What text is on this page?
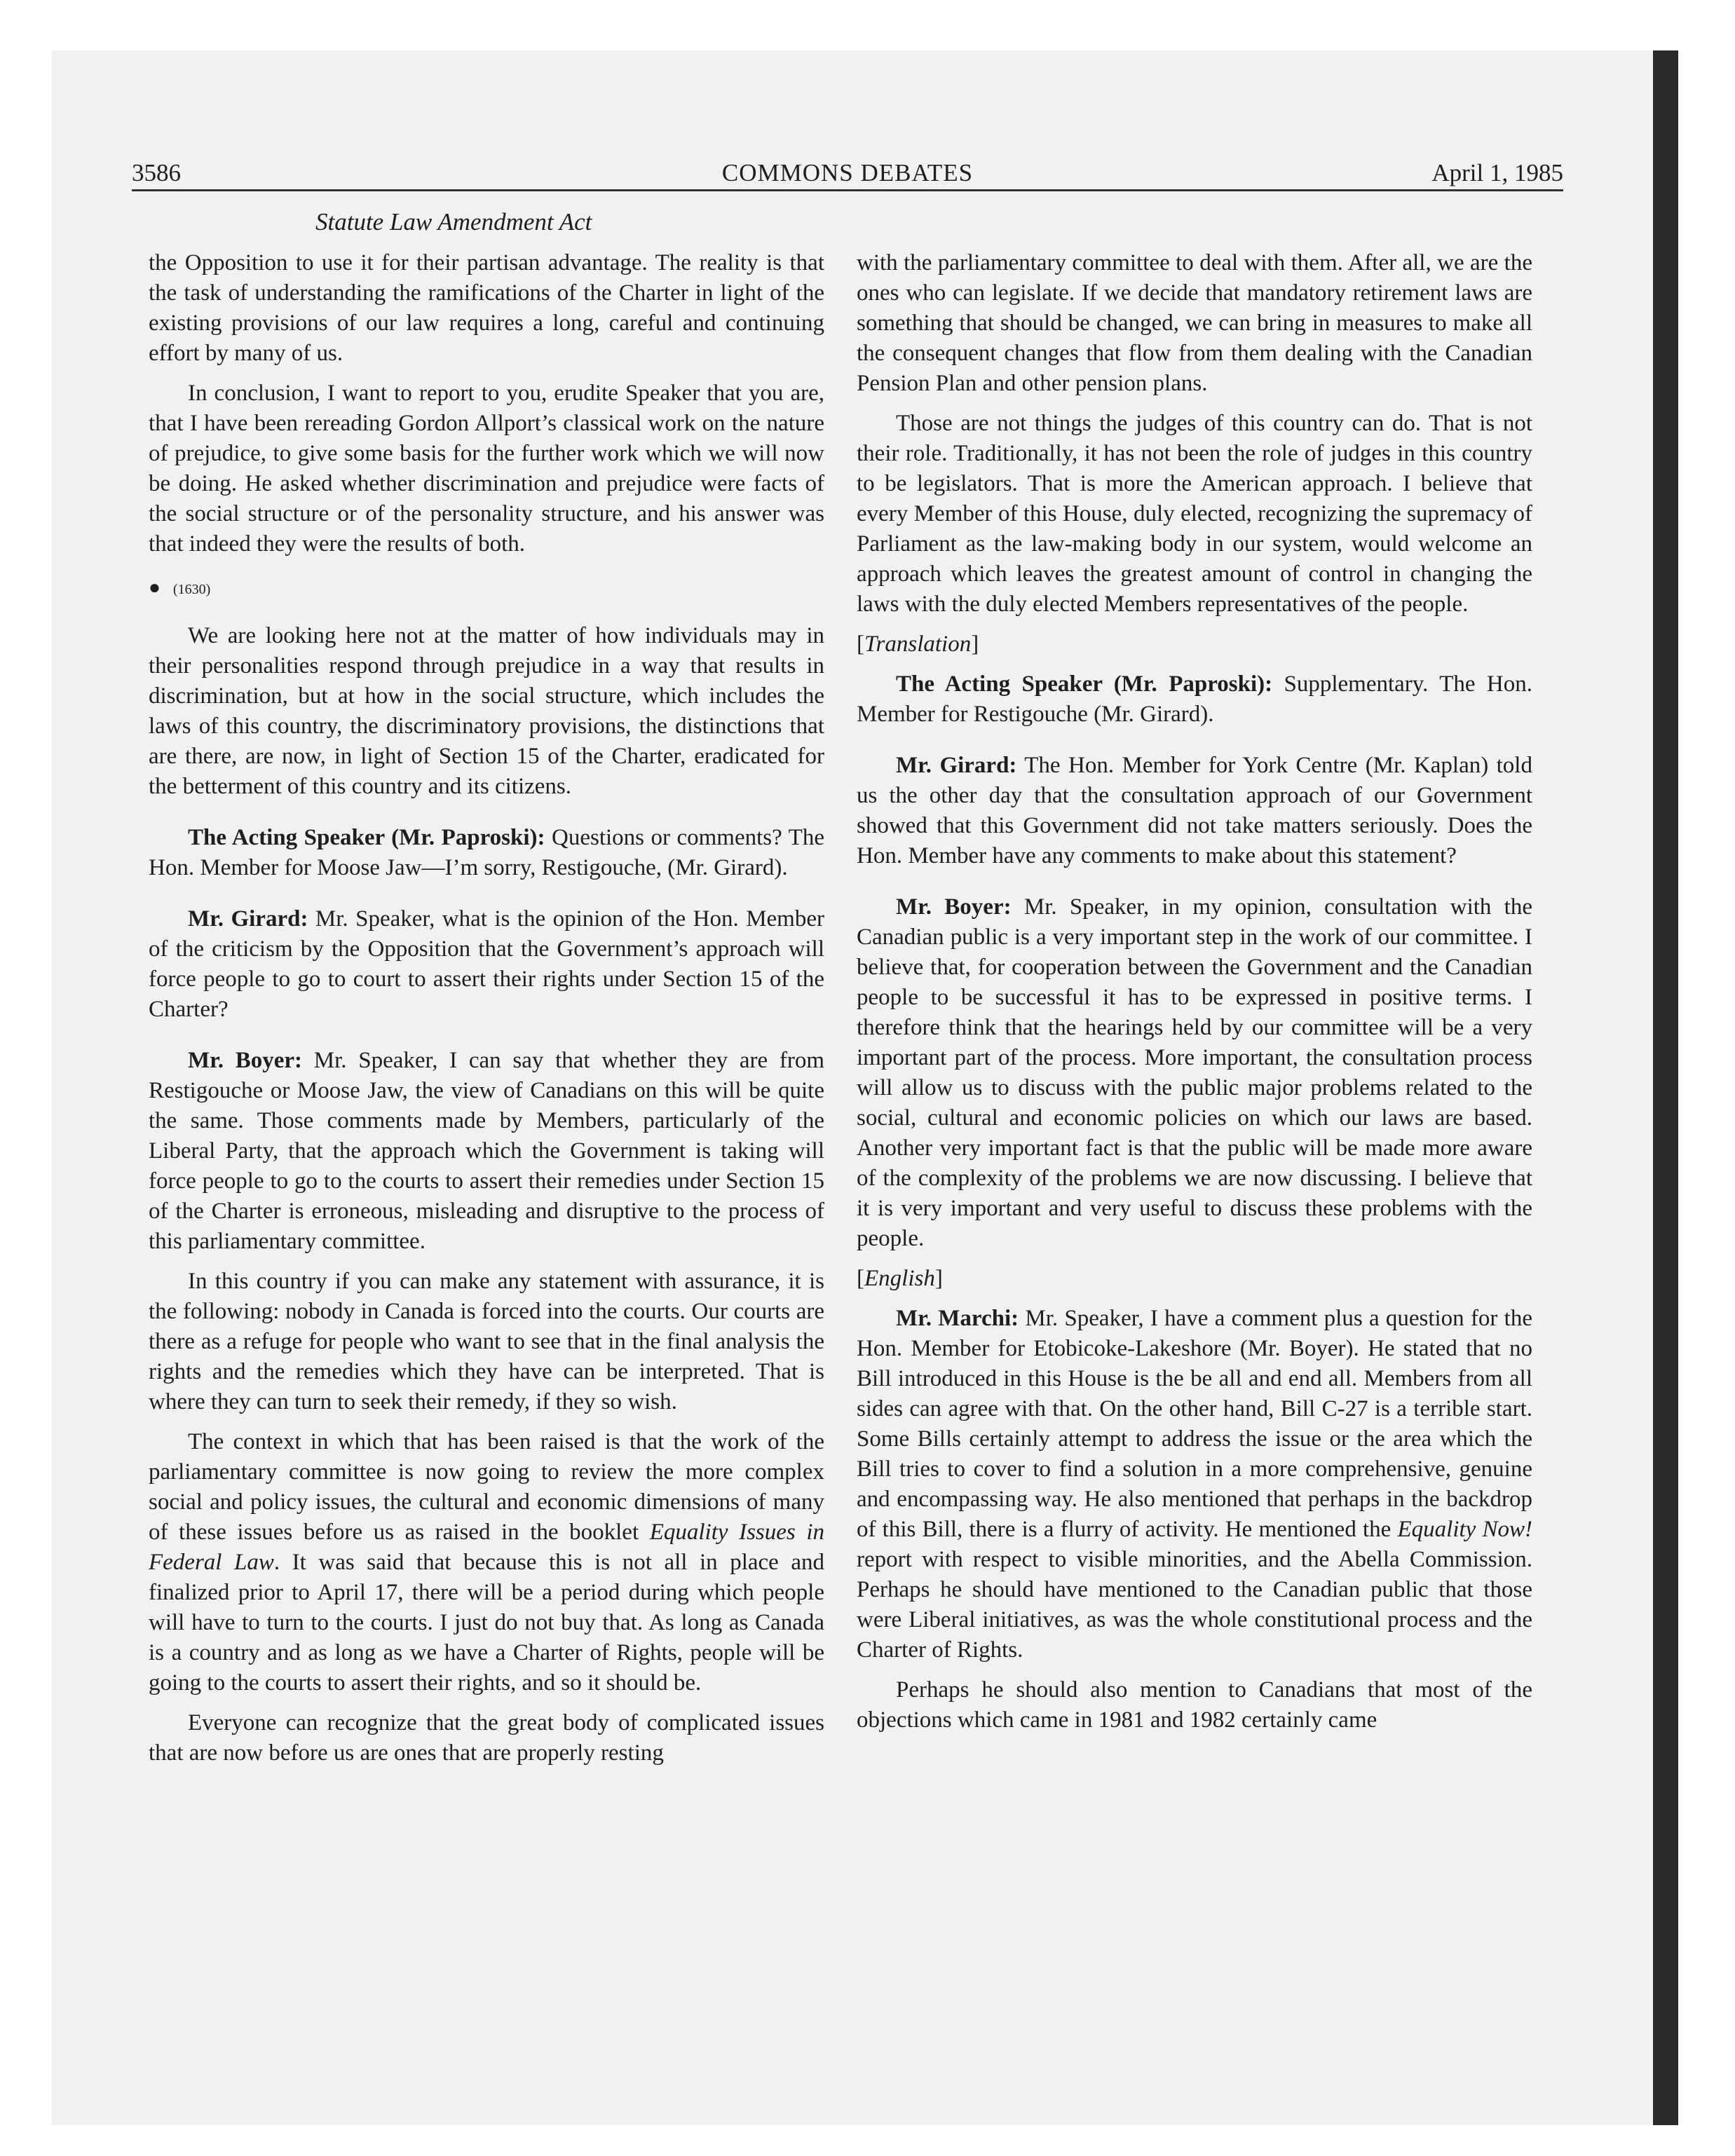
3586	COMMONS DEBATES	April 1, 1985
Statute Law Amendment Act

the Opposition to use it for their partisan advantage. The reality is that the task of understanding the ramifications of the Charter in light of the existing provisions of our law requires a long, careful and continuing effort by many of us.

In conclusion, I want to report to you, erudite Speaker that you are, that I have been rereading Gordon Allport’s classical work on the nature of prejudice, to give some basis for the further work which we will now be doing. He asked whether discrimination and prejudice were facts of the social structure or of the personality structure, and his answer was that indeed they were the results of both.

● (1630)

We are looking here not at the matter of how individuals may in their personalities respond through prejudice in a way that results in discrimination, but at how in the social structure, which includes the laws of this country, the discriminatory provisions, the distinctions that are there, are now, in light of Section 15 of the Charter, eradicated for the betterment of this country and its citizens.

The Acting Speaker (Mr. Paproski): Questions or comments? The Hon. Member for Moose Jaw—I’m sorry, Restigouche, (Mr. Girard).

Mr. Girard: Mr. Speaker, what is the opinion of the Hon. Member of the criticism by the Opposition that the Government’s approach will force people to go to court to assert their rights under Section 15 of the Charter?

Mr. Boyer: Mr. Speaker, I can say that whether they are from Restigouche or Moose Jaw, the view of Canadians on this will be quite the same. Those comments made by Members, particularly of the Liberal Party, that the approach which the Government is taking will force people to go to the courts to assert their remedies under Section 15 of the Charter is erroneous, misleading and disruptive to the process of this parliamentary committee.

In this country if you can make any statement with assurance, it is the following: nobody in Canada is forced into the courts. Our courts are there as a refuge for people who want to see that in the final analysis the rights and the remedies which they have can be interpreted. That is where they can turn to seek their remedy, if they so wish.

The context in which that has been raised is that the work of the parliamentary committee is now going to review the more complex social and policy issues, the cultural and economic dimensions of many of these issues before us as raised in the booklet Equality Issues in Federal Law. It was said that because this is not all in place and finalized prior to April 17, there will be a period during which people will have to turn to the courts. I just do not buy that. As long as Canada is a country and as long as we have a Charter of Rights, people will be going to the courts to assert their rights, and so it should be.

Everyone can recognize that the great body of complicated issues that are now before us are ones that are properly resting

with the parliamentary committee to deal with them. After all, we are the ones who can legislate. If we decide that mandatory retirement laws are something that should be changed, we can bring in measures to make all the consequent changes that flow from them dealing with the Canadian Pension Plan and other pension plans.

Those are not things the judges of this country can do. That is not their role. Traditionally, it has not been the role of judges in this country to be legislators. That is more the American approach. I believe that every Member of this House, duly elected, recognizing the supremacy of Parliament as the law-making body in our system, would welcome an approach which leaves the greatest amount of control in changing the laws with the duly elected Members representatives of the people.

[Translation]

The Acting Speaker (Mr. Paproski): Supplementary. The Hon. Member for Restigouche (Mr. Girard).

Mr. Girard: The Hon. Member for York Centre (Mr. Kaplan) told us the other day that the consultation approach of our Government showed that this Government did not take matters seriously. Does the Hon. Member have any comments to make about this statement?

Mr. Boyer: Mr. Speaker, in my opinion, consultation with the Canadian public is a very important step in the work of our committee. I believe that, for cooperation between the Government and the Canadian people to be successful it has to be expressed in positive terms. I therefore think that the hearings held by our committee will be a very important part of the process. More important, the consultation process will allow us to discuss with the public major problems related to the social, cultural and economic policies on which our laws are based. Another very important fact is that the public will be made more aware of the complexity of the problems we are now discussing. I believe that it is very important and very useful to discuss these problems with the people.

[English]

Mr. Marchi: Mr. Speaker, I have a comment plus a question for the Hon. Member for Etobicoke-Lakeshore (Mr. Boyer). He stated that no Bill introduced in this House is the be all and end all. Members from all sides can agree with that. On the other hand, Bill C-27 is a terrible start. Some Bills certainly attempt to address the issue or the area which the Bill tries to cover to find a solution in a more comprehensive, genuine and encompassing way. He also mentioned that perhaps in the backdrop of this Bill, there is a flurry of activity. He mentioned the Equality Now! report with respect to visible minorities, and the Abella Commission. Perhaps he should have mentioned to the Canadian public that those were Liberal initiatives, as was the whole constitutional process and the Charter of Rights.

Perhaps he should also mention to Canadians that most of the objections which came in 1981 and 1982 certainly came
